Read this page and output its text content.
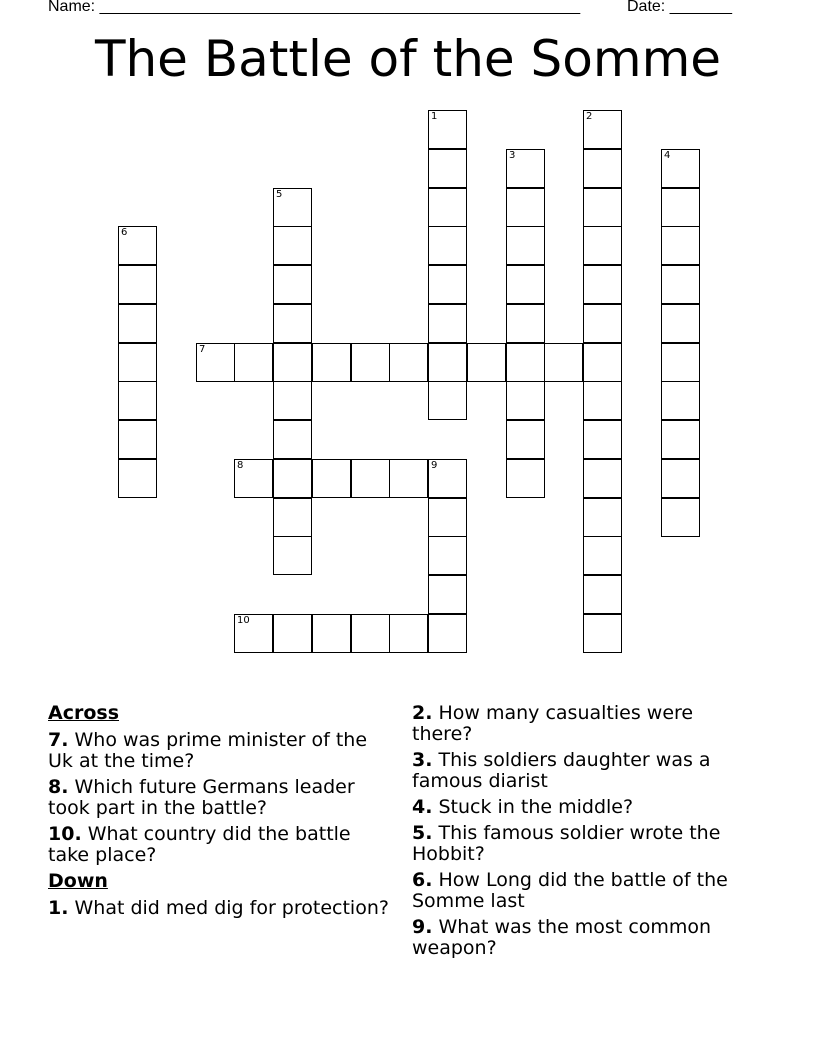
Name: ______________________________________________________	Date: _______
The Battle of the Somme
1	2
3	4
5
6
7
8	9
10
Across
7. Who was prime minister of the Uk at the time?
8. Which future Germans leader took part in the battle?
10. What country did the battle take place?
Down
1. What did med dig for protection?
2. How many casualties were there?
3. This soldiers daughter was a famous diarist
4. Stuck in the middle?
5. This famous soldier wrote the Hobbit?
6. How Long did the battle of the Somme last
9. What was the most common weapon?
